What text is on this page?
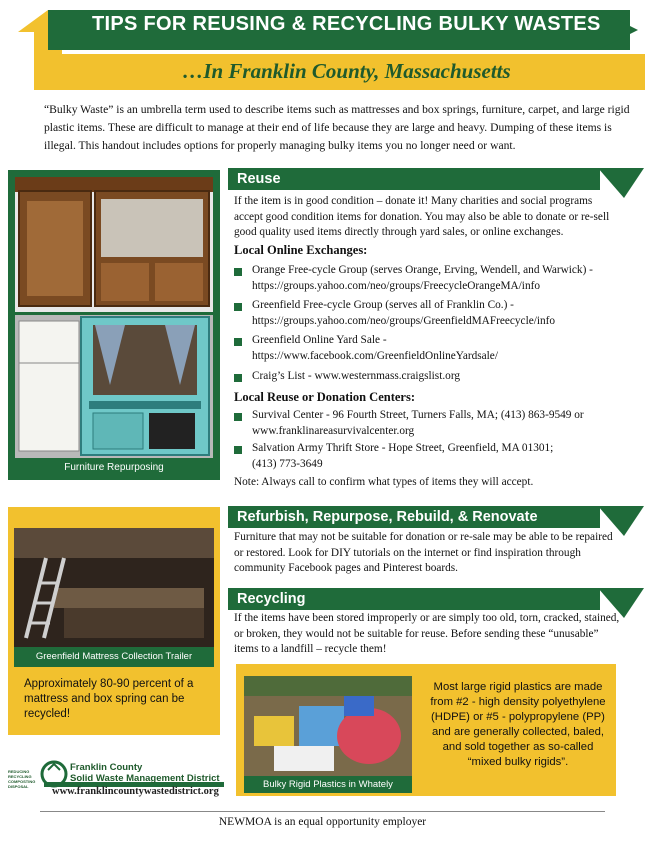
TIPS FOR REUSING & RECYCLING BULKY WASTES
…In Franklin County, Massachusetts
“Bulky Waste” is an umbrella term used to describe items such as mattresses and box springs, furniture, carpet, and large rigid plastic items. These are difficult to manage at their end of life because they are large and heavy. Dumping of these items is illegal. This handout includes options for properly managing bulky items you no longer need or want.
Furniture Repurposing
Greenfield Mattress Collection Trailer
Approximately 80-90 percent of a mattress and box spring can be recycled!
Reuse
If the item is in good condition – donate it! Many charities and social programs accept good condition items for donation. You may also be able to donate or re-sell good quality used items directly through yard sales, or online exchanges.
Local Online Exchanges:
Orange Free-cycle Group (serves Orange, Erving, Wendell, and Warwick) -
https://groups.yahoo.com/neo/groups/FreecycleOrangeMA/info
Greenfield Free-cycle Group (serves all of Franklin Co.) -
https://groups.yahoo.com/neo/groups/GreenfieldMAFreecycle/info
Greenfield Online Yard Sale -
https://www.facebook.com/GreenfieldOnlineYardsale/
Craig’s List - www.westernmass.craigslist.org
Local Reuse or Donation Centers:
Survival Center - 96 Fourth Street, Turners Falls, MA; (413) 863-9549 or
www.franklinareasurvivalcenter.org
Salvation Army Thrift Store - Hope Street, Greenfield, MA 01301;
(413) 773-3649
Note: Always call to confirm what types of items they will accept.
Refurbish, Repurpose, Rebuild, & Renovate
Furniture that may not be suitable for donation or re-sale may be able to be repaired or restored. Look for DIY tutorials on the internet or find inspiration through community Facebook pages and Pinterest boards.
Recycling
If the items have been stored improperly or are simply too old, torn, cracked, stained, or broken, they would not be suitable for reuse. Before sending these “unusable” items to a landfill – recycle them!
Bulky Rigid Plastics in Whately
Most large rigid plastics are made from #2 - high density polyethylene (HDPE) or #5 - polypropylene (PP) and are generally collected, baled, and sold together as so-called “mixed bulky rigids”.
Franklin County
Solid Waste Management District
REDUCING
RECYCLING
COMPOSTING
DISPOSAL	www.franklincountywastedistrict.org
NEWMOA is an equal opportunity employer
